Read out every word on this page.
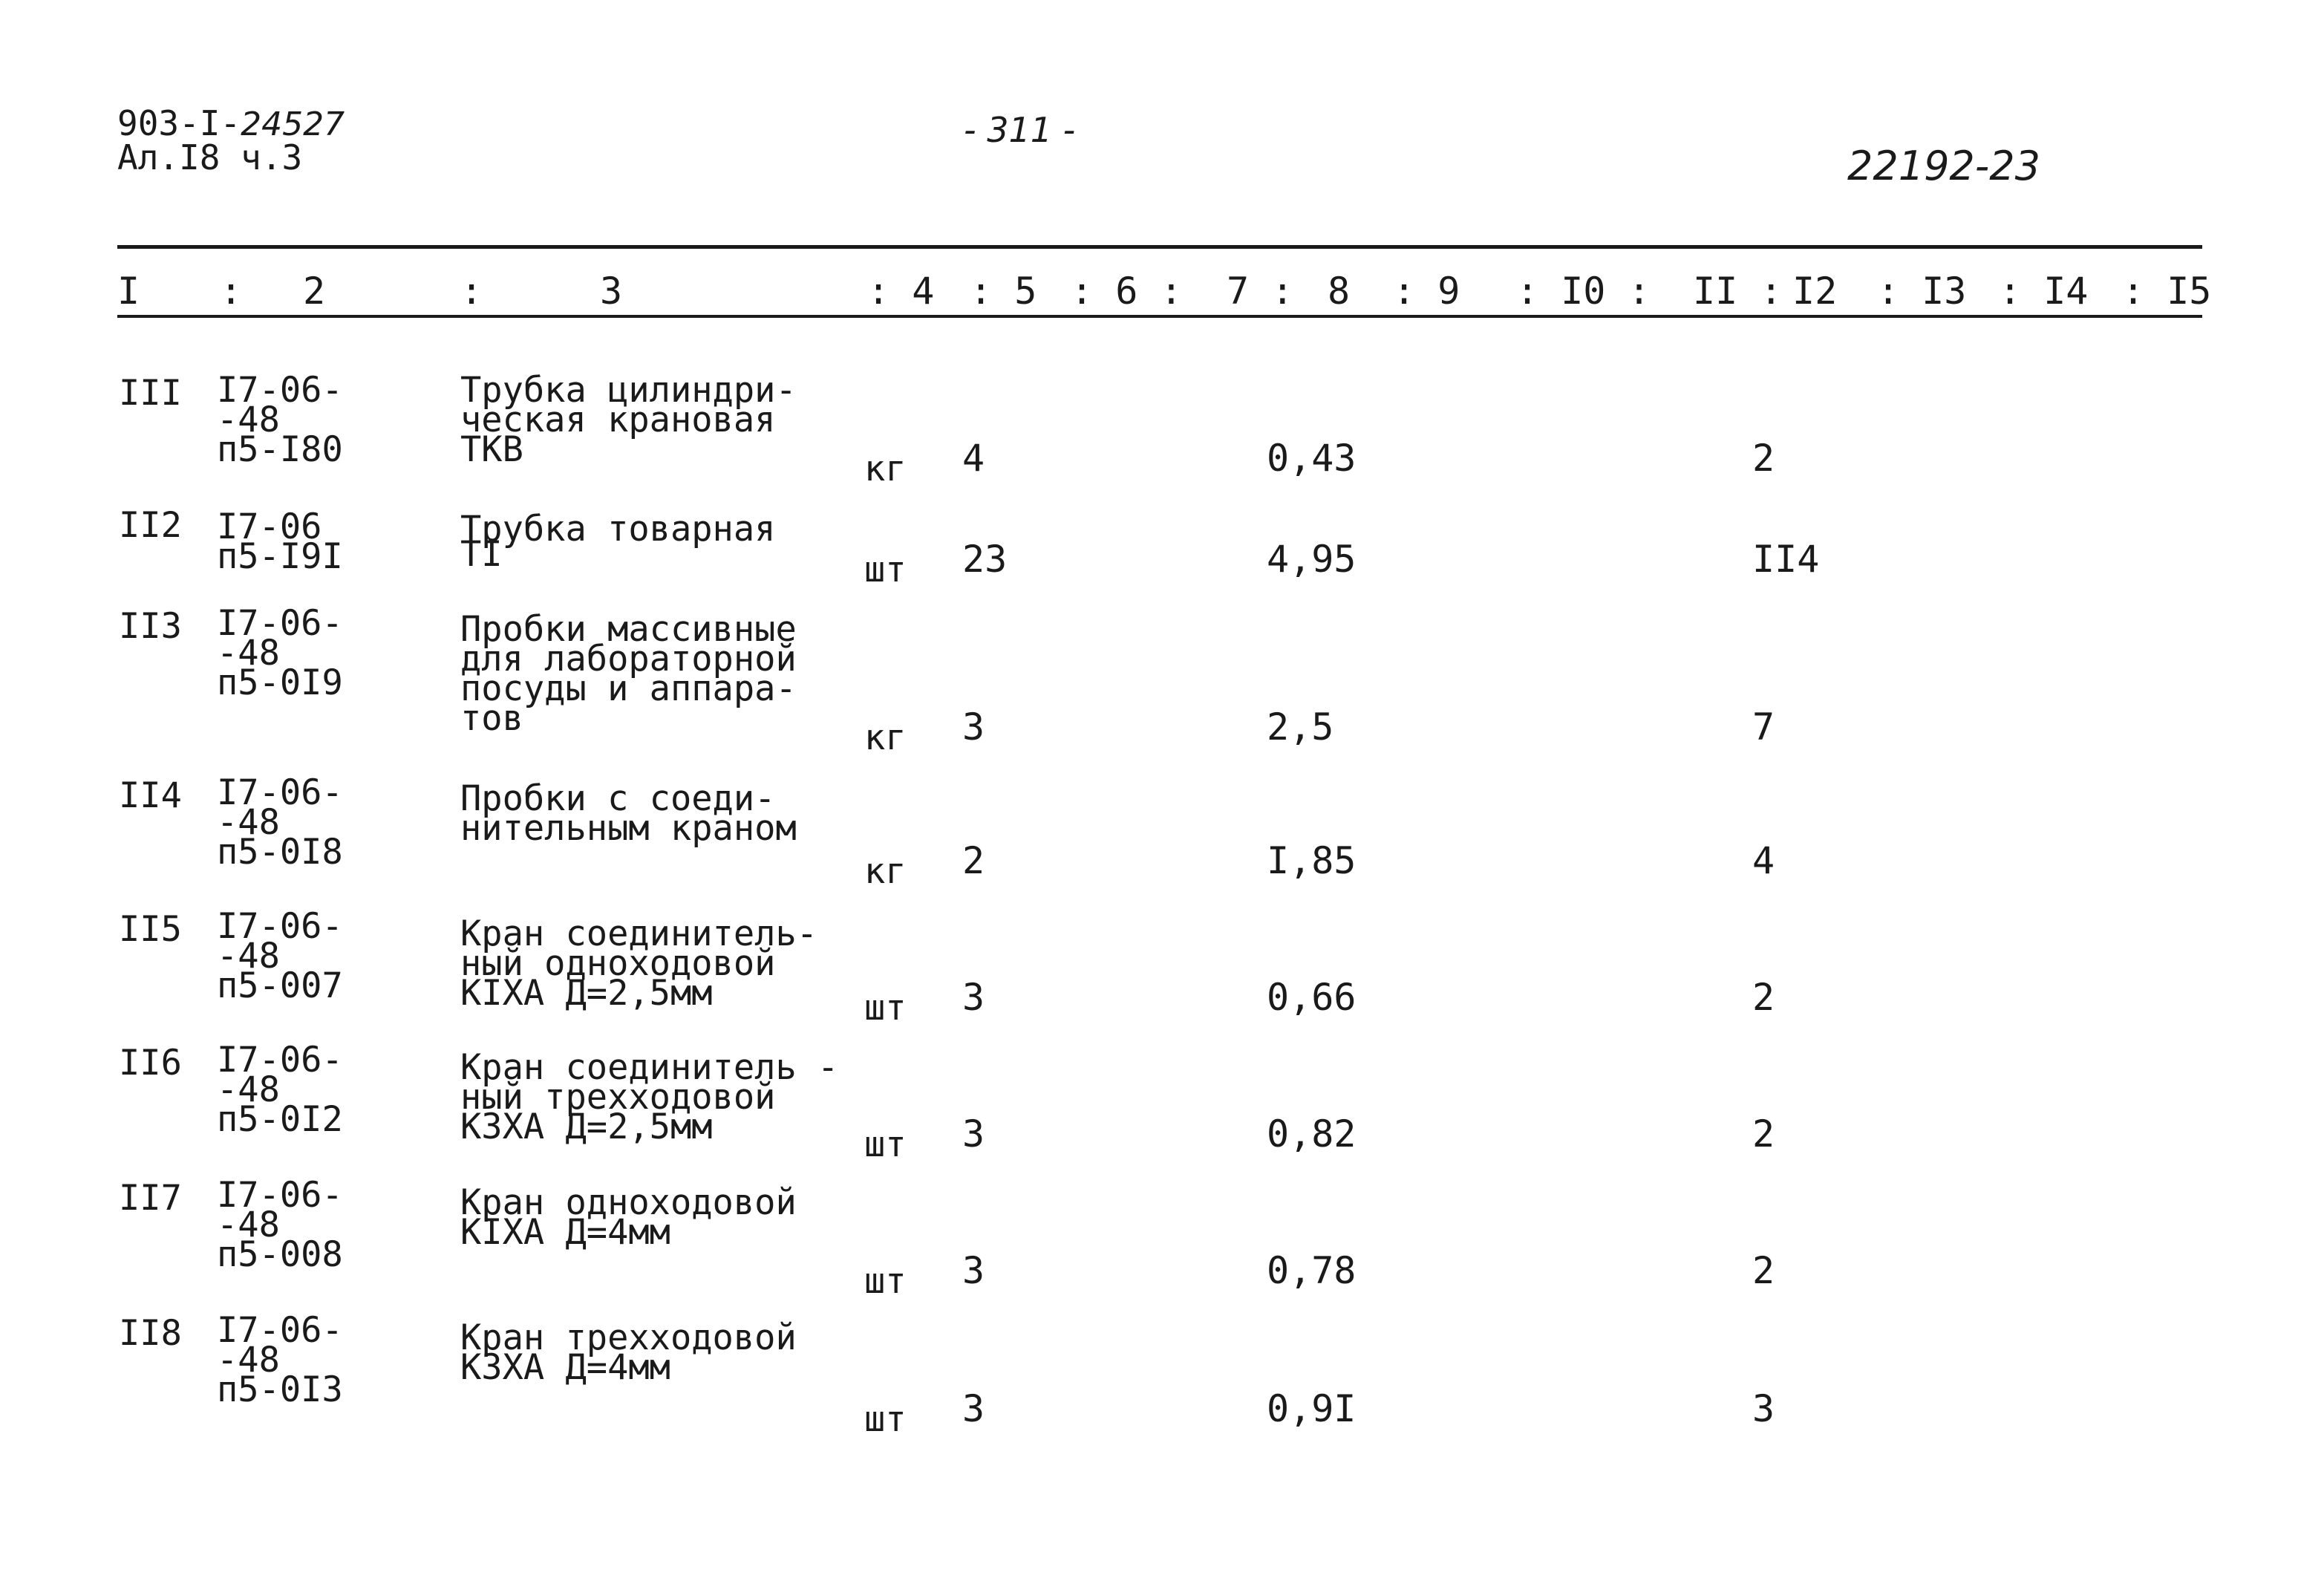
903-I-24527
Ал.I8 ч.3
- 311 -
22192-23
I : 2	:	3	: 4 : 5 : 6 : 7 : 8 : 9 : I0 : II : I2 : I3 : I4 : I5
III I7-06-
-48
п5-I80
Трубка цилиндри-
ческая крановая
ТКВ	кг 4	0,43	2
II2 I7-06
п5-I9I
Трубка товарная
ТI	шт 23	4,95	II4
II3 I7-06-
-48
п5-0I9
Пробки массивные
для лабораторной
посуды и аппара-
тов	кг 3	2,5	7
II4 I7-06-
-48
п5-0I8
Пробки с соеди-
нительным краном
кг 2	I,85	4
II5 I7-06-
-48
п5-007
Кран соединитель-
ный одноходовой
КIХА Д=2,5мм	шт 3	0,66	2
II6 I7-06-
-48
п5-0I2
Кран соединитель -
ный трехходовой
К3ХА Д=2,5мм	шт 3	0,82	2
II7 I7-06-
-48
п5-008
Кран одноходовой
КIХА Д=4мм
шт 3	0,78	2
II8 I7-06-
-48
п5-0I3
Кран трехходовой
К3ХА Д=4мм
шт 3	0,9I	3
